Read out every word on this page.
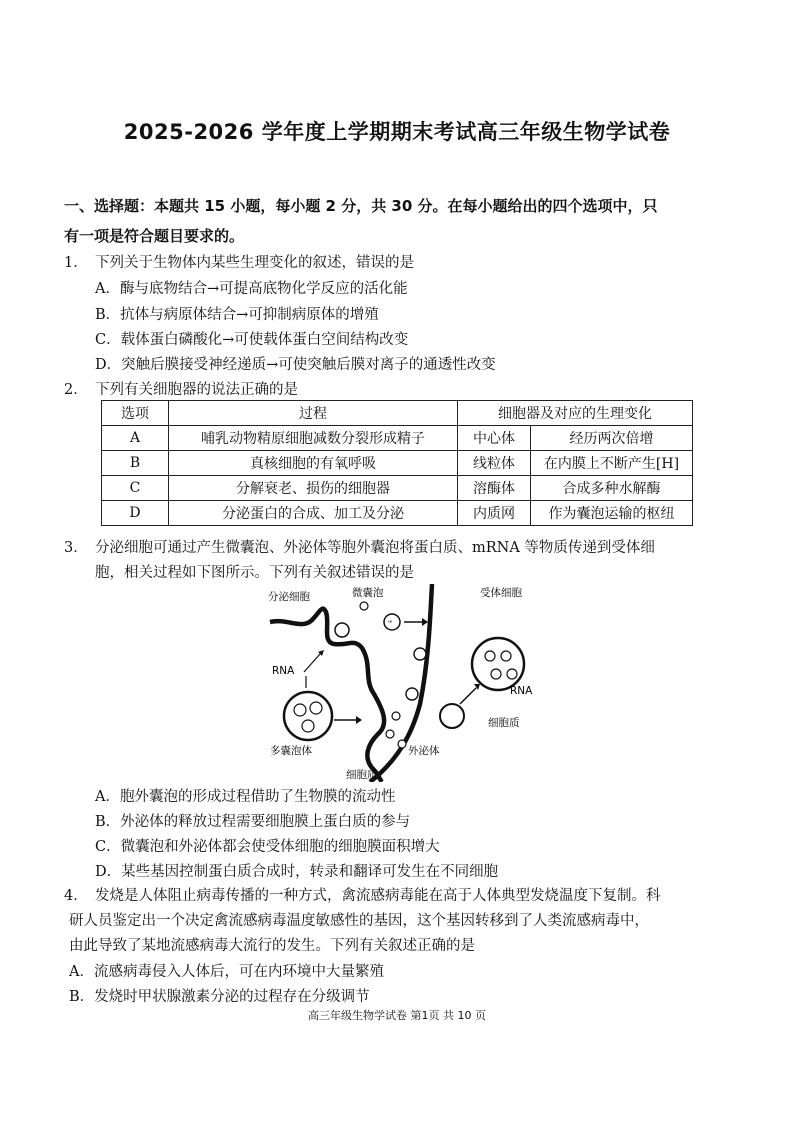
2025-2026 学年度上学期期末考试高三年级生物学试卷
一、选择题：本题共 15 小题，每小题 2 分，共 30 分。在每小题给出的四个选项中，只
有一项是符合题目要求的。
1． 下列关于生物体内某些生理变化的叙述，错误的是
A．酶与底物结合→可提高底物化学反应的活化能
B．抗体与病原体结合→可抑制病原体的增殖
C．载体蛋白磷酸化→可使载体蛋白空间结构改变
D．突触后膜接受神经递质→可使突触后膜对离子的通透性改变
2． 下列有关细胞器的说法正确的是
选项	过程	细胞器及对应的生理变化	
A	哺乳动物精原细胞减数分裂形成精子	中心体	经历两次倍增
B	真核细胞的有氧呼吸	线粒体	在内膜上不断产生[H]
C	分解衰老、损伤的细胞器	溶酶体	合成多种水解酶
D	分泌蛋白的合成、加工及分泌	内质网	作为囊泡运输的枢纽
3． 分泌细胞可通过产生微囊泡、外泌体等胞外囊泡将蛋白质、mRNA 等物质传递到受体细
胞，相关过程如下图所示。下列有关叙述错误的是
ꟹ
分泌细胞	微囊泡	受体细胞
RNA
RNA
多囊泡体
细胞质
外泌体
细胞质
A．胞外囊泡的形成过程借助了生物膜的流动性
B．外泌体的释放过程需要细胞膜上蛋白质的参与
C．微囊泡和外泌体都会使受体细胞的细胞膜面积增大
D．某些基因控制蛋白质合成时，转录和翻译可发生在不同细胞
4． 发烧是人体阻止病毒传播的一种方式，禽流感病毒能在高于人体典型发烧温度下复制。科
研人员鉴定出一个决定禽流感病毒温度敏感性的基因，这个基因转移到了人类流感病毒中，
由此导致了某地流感病毒大流行的发生。下列有关叙述正确的是
A．流感病毒侵入人体后，可在内环境中大量繁殖
B．发烧时甲状腺激素分泌的过程存在分级调节
高三年级生物学试卷 第1页 共 10 页
